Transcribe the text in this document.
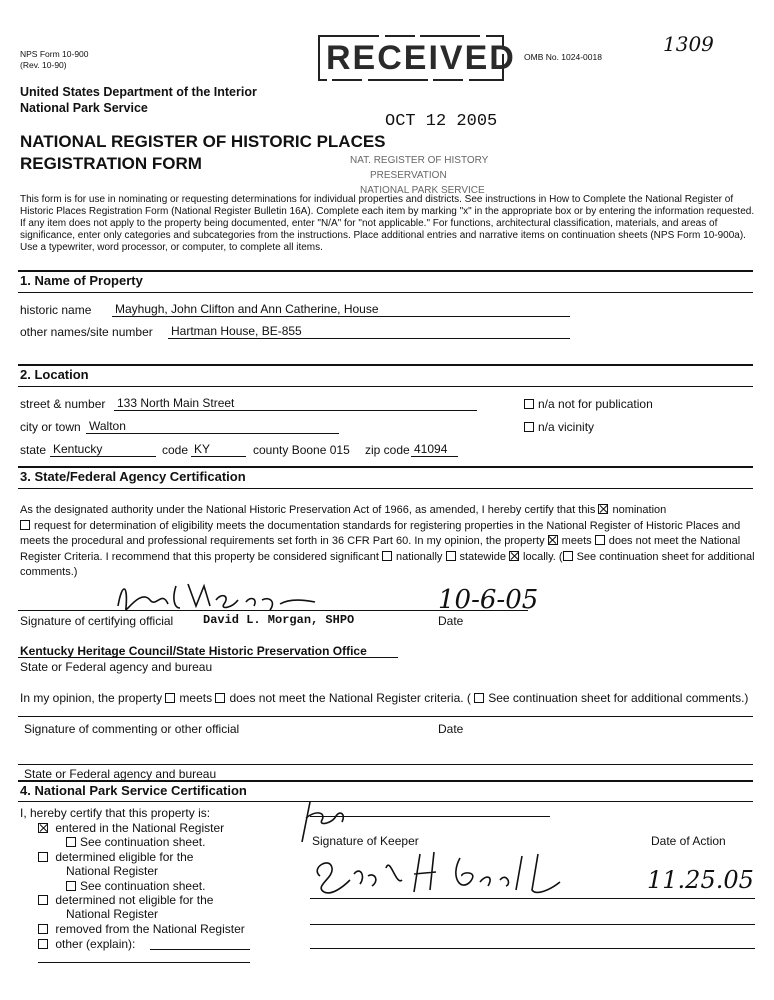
NPS Form 10-900
(Rev. 10-90)
OMB No. 1024-0018
1309
United States Department of the Interior
National Park Service
NATIONAL REGISTER OF HISTORIC PLACES
REGISTRATION FORM
RECEIVED
OCT 12 2005
NAT. REGISTER OF HISTORY
PRESERVATION
NATIONAL PARK SERVICE
This form is for use in nominating or requesting determinations for individual properties and districts. See instructions in How to Complete the National Register of Historic Places Registration Form (National Register Bulletin 16A). Complete each item by marking "x" in the appropriate box or by entering the information requested. If any item does not apply to the property being documented, enter "N/A" for "not applicable." For functions, architectural classification, materials, and areas of significance, enter only categories and subcategories from the instructions. Place additional entries and narrative items on continuation sheets (NPS Form 10-900a). Use a typewriter, word processor, or computer, to complete all items.
1. Name of Property
historic name Mayhugh, John Clifton and Ann Catherine, House
other names/site number Hartman House, BE-855
2. Location
street & number 133 North Main Street	n/a not for publication
city or town Walton	n/a vicinity
state Kentucky	code KY	county Boone 015 zip code 41094
3. State/Federal Agency Certification
As the designated authority under the National Historic Preservation Act of 1966, as amended, I hereby certify that this nomination
request for determination of eligibility meets the documentation standards for registering properties in the National Register of Historic Places and meets the procedural and professional requirements set forth in 36 CFR Part 60. In my opinion, the property meets does not meet the National Register Criteria. I recommend that this property be considered significant nationally statewide locally. ( See continuation sheet for additional comments.)
10-6-05
Signature of certifying official David L. Morgan, SHPO	Date
Kentucky Heritage Council/State Historic Preservation Office
State or Federal agency and bureau
In my opinion, the property meets does not meet the National Register criteria. ( See continuation sheet for additional comments.)
Signature of commenting or other official	Date
State or Federal agency and bureau
4. National Park Service Certification
I, hereby certify that this property is:
entered in the National Register
See continuation sheet.
determined eligible for the
National Register
See continuation sheet.
determined not eligible for the
National Register
removed from the National Register
other (explain):
Signature of Keeper	Date of Action
11.25.05
